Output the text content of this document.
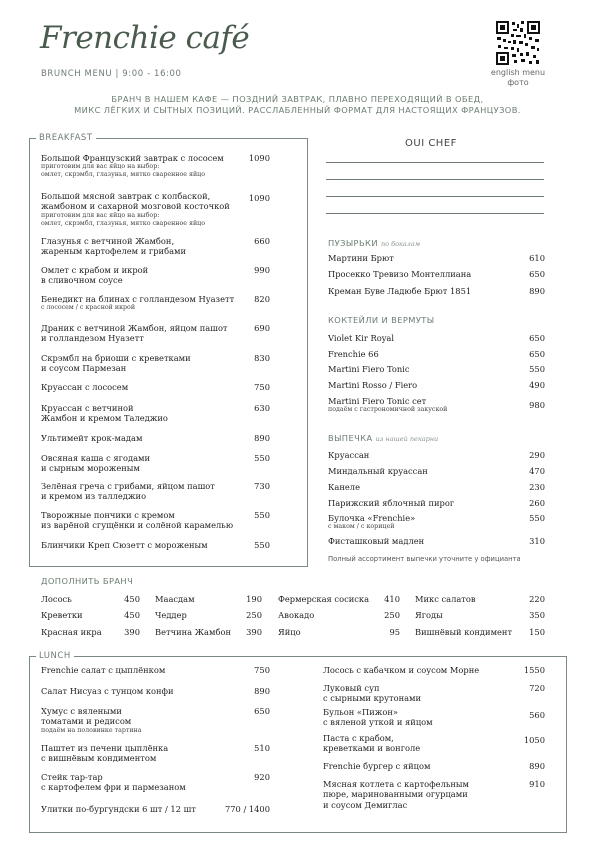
Frenchie café
BRUNCH MENU | 9:00 - 16:00	english menu
фото
БРАНЧ В НАШЕМ КАФЕ — ПОЗДНИЙ ЗАВТРАК, ПЛАВНО ПЕРЕХОДЯЩИЙ В ОБЕД,
МИКС ЛЁГКИХ И СЫТНЫХ ПОЗИЦИЙ. РАССЛАБЛЕННЫЙ ФОРМАТ ДЛЯ НАСТОЯЩИХ ФРАНЦУЗОВ.
BREAKFAST
Большой Французский завтрак с лососем
приготовим для вас яйцо на выбор:
омлет, скрэмбл, глазунья, мятко сваренное яйцо
1090
Большой мясной завтрак с колбаской,
жамбоном и сахарной мозговой косточкой
приготовим для вас яйцо на выбор:
омлет, скрэмбл, глазунья, мятко сваренное яйцо
1090
Глазунья с ветчиной Жамбон,
жареным картофелем и грибами
660
Омлет с крабом и икрой
в сливочном соусе
990
Бенедикт на блинах с голландезом Нуазетт
с лососем / с красной икрой
820
Драник с ветчиной Жамбон, яйцом пашот
и голландезом Нуазетт
690
Скрэмбл на бриоши с креветками
и соусом Пармезан
830
Круассан с лососем	750
Круассан с ветчиной
Жамбон и кремом Таледжио
630
Ультимейт крок-мадам	890
Овсяная каша с ягодами
и сырным мороженым
550
Зелёная греча с грибами, яйцом пашот
и кремом из талледжио
730
Творожные пончики с кремом
из варёной сгущёнки и солёной карамелью
550
Блинчики Креп Сюзетт с мороженым	550
OUI CHEF
ПУЗЫРЬКИ по бокалам
Мартини Брют	610
Просекко Тревизо Монтеллиана	650
Креман Буве Ладюбе Брют 1851	890
КОКТЕЙЛИ И ВЕРМУТЫ
Violet Kir Royal	650
Frenchie 66	650
Martini Fiero Tonic	550
Martini Rosso / Fiero	490
Martini Fiero Tonic сет
подаём с гастрономичной закуской	980
ВЫПЕЧКА из нашей пекарни
Круассан	290
Миндальный круассан	470
Канеле	230
Парижский яблочный пирог	260
Булочка «Frenchie»
с маком / с корицей
550
Фисташковый мадлен	310
Полный ассортимент выпечки уточните у официанта
ДОПОЛНИТЬ БРАНЧ
Лосось	450
Креветки	450
Красная икра	390
Маасдам	190
Чеддер	250
Ветчина Жамбон	390
Фермерская сосиска	410
Авокадо	250
Яйцо	95
Микс салатов	220
Ягоды	350
Вишнёвый кондимент	150
LUNCH
Frenchie салат с цыплёнком	750
Салат Нисуаз с тунцом конфи	890
Хумус с вялеными
томатами и редисом
подаём на половинке тартина
650
Паштет из печени цыплёнка
с вишнёвым кондиментом
510
Стейк тар-тар
с картофелем фри и пармезаном
920
Улитки по-бургундски 6 шт / 12 шт	770 / 1400
Лосось с кабачком и соусом Морне	1550
Луковый суп
с сырными крутонами
720
Бульон «Пижон»
с вяленой уткой и яйцом
560
Паста с крабом,
креветками и вонголе
1050
Frenchie бургер с яйцом	890
Мясная котлета с картофельным
пюре, маринованными огурцами
и соусом Демиглас
910
